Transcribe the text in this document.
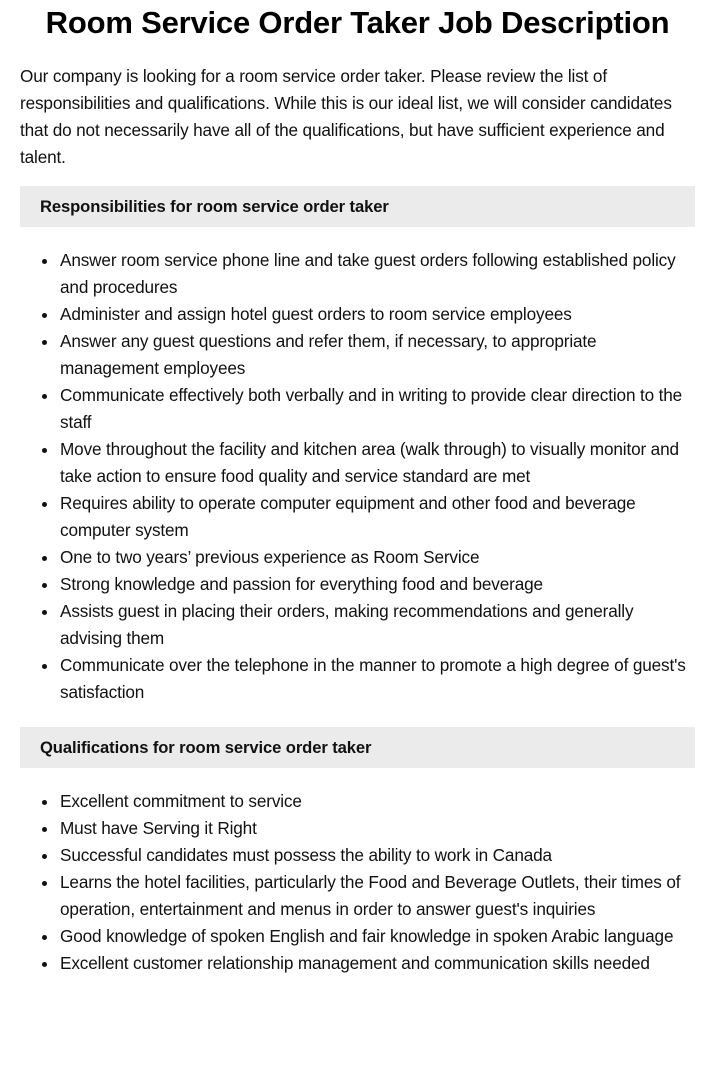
Room Service Order Taker Job Description

Our company is looking for a room service order taker. Please review the list of responsibilities and qualifications. While this is our ideal list, we will consider candidates that do not necessarily have all of the qualifications, but have sufficient experience and talent.

Responsibilities for room service order taker
Answer room service phone line and take guest orders following established policy and procedures
Administer and assign hotel guest orders to room service employees
Answer any guest questions and refer them, if necessary, to appropriate management employees
Communicate effectively both verbally and in writing to provide clear direction to the staff
Move throughout the facility and kitchen area (walk through) to visually monitor and take action to ensure food quality and service standard are met
Requires ability to operate computer equipment and other food and beverage computer system
One to two years’ previous experience as Room Service
Strong knowledge and passion for everything food and beverage
Assists guest in placing their orders, making recommendations and generally advising them
Communicate over the telephone in the manner to promote a high degree of guest's satisfaction
Qualifications for room service order taker
Excellent commitment to service
Must have Serving it Right
Successful candidates must possess the ability to work in Canada
Learns the hotel facilities, particularly the Food and Beverage Outlets, their times of operation, entertainment and menus in order to answer guest's inquiries
Good knowledge of spoken English and fair knowledge in spoken Arabic language
Excellent customer relationship management and communication skills needed
